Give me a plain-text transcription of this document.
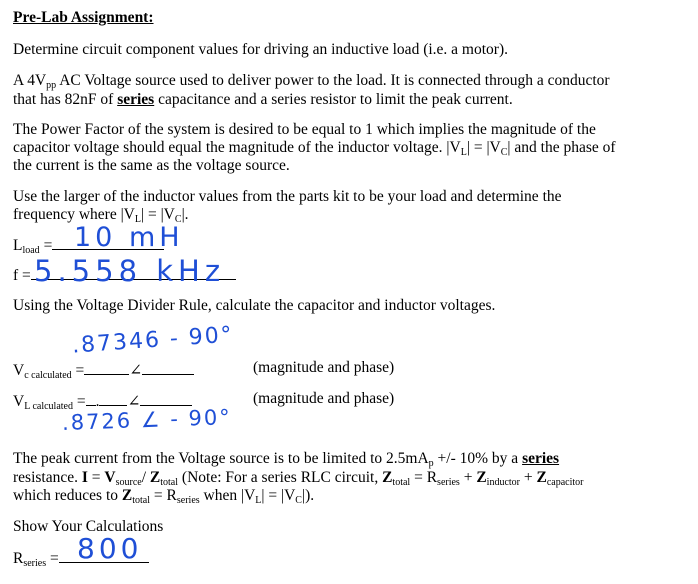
Pre-Lab Assignment:
Determine circuit component values for driving an inductive load (i.e. a motor).
A $4V_{pp}$ AC Voltage source used to deliver power to the load. It is connected through a conductor
that has 82nF of series capacitance and a series resistor to limit the peak current.
The Power Factor of the system is desired to be equal to 1 which implies the magnitude of the
capacitor voltage should equal the magnitude of the inductor voltage. $|V_L| = |V_C|$ and the phase of
the current is the same as the voltage source.
Use the larger of the inductor values from the parts kit to be your load and determine the
frequency where $|V_L| = |V_C|$.
$L_{load} = 10$ mH
f = 5.558 kHz
Using the Voltage Divider Rule, calculate the capacitor and inductor voltages.
.87346 - 90°
$V_{c calculated}$ =	∠	(magnitude and phase)
$V_{L calculated}$ = . ∠	(magnitude and phase)
.8726 ∠ - 90°
The peak current from the Voltage source is to be limited to $2.5mA_p$ +/- 10% by a series
resistance. $I = V_{source}/$ $Z_{total}$ (Note: For a series RLC circuit, $Z_{total} = R_{series} + Z_{inductor} + Z_{capacitor}$
which reduces to $Z_{total} = R_{series}$ when $|V_L| = |V_C|$).
Show Your Calculations
$R_{series} = 800$
